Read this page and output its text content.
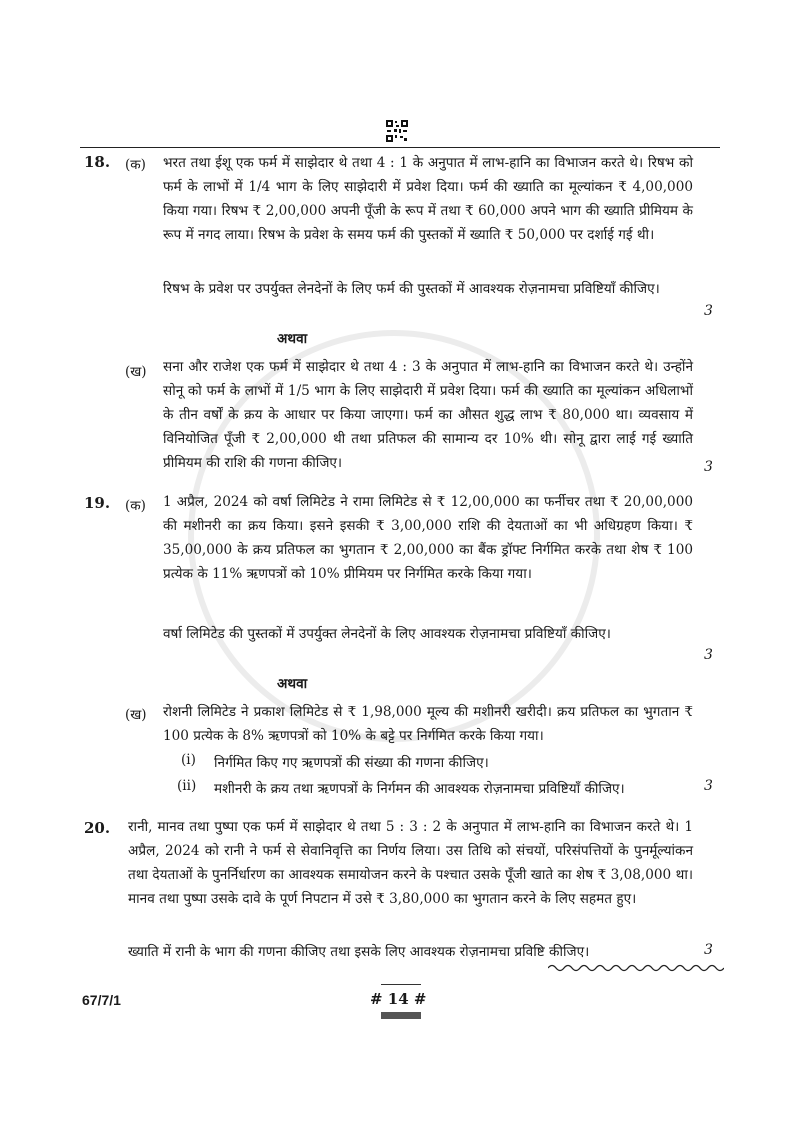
18. (क) भरत तथा ईशू एक फर्म में साझेदार थे तथा 4 : 1 के अनुपात में लाभ-हानि का विभाजन करते थे। रिषभ को फर्म के लाभों में 1/4 भाग के लिए साझेदारी में प्रवेश दिया। फर्म की ख्याति का मूल्यांकन ₹ 4,00,000 किया गया। रिषभ ₹ 2,00,000 अपनी पूँजी के रूप में तथा ₹ 60,000 अपने भाग की ख्याति प्रीमियम के रूप में नगद लाया। रिषभ के प्रवेश के समय फर्म की पुस्तकों में ख्याति ₹ 50,000 पर दर्शाई गई थी।
रिषभ के प्रवेश पर उपर्युक्त लेनदेनों के लिए फर्म की पुस्तकों में आवश्यक रोज़नामचा प्रविष्टियाँ कीजिए।
3
अथवा
(ख) सना और राजेश एक फर्म में साझेदार थे तथा 4 : 3 के अनुपात में लाभ-हानि का विभाजन करते थे। उन्होंने सोनू को फर्म के लाभों में 1/5 भाग के लिए साझेदारी में प्रवेश दिया। फर्म की ख्याति का मूल्यांकन अधिलाभों के तीन वर्षों के क्रय के आधार पर किया जाएगा। फर्म का औसत शुद्ध लाभ ₹ 80,000 था। व्यवसाय में विनियोजित पूँजी ₹ 2,00,000 थी तथा प्रतिफल की सामान्य दर 10% थी। सोनू द्वारा लाई गई ख्याति प्रीमियम की राशि की गणना कीजिए।	3
19. (क) 1 अप्रैल, 2024 को वर्षा लिमिटेड ने रामा लिमिटेड से ₹ 12,00,000 का फर्नीचर तथा ₹ 20,00,000 की मशीनरी का क्रय किया। इसने इसकी ₹ 3,00,000 राशि की देयताओं का भी अधिग्रहण किया। ₹ 35,00,000 के क्रय प्रतिफल का भुगतान ₹ 2,00,000 का बैंक ड्रॉफ्ट निर्गमित करके तथा शेष ₹ 100 प्रत्येक के 11% ऋणपत्रों को 10% प्रीमियम पर निर्गमित करके किया गया।
वर्षा लिमिटेड की पुस्तकों में उपर्युक्त लेनदेनों के लिए आवश्यक रोज़नामचा प्रविष्टियाँ कीजिए।
3
अथवा
(ख) रोशनी लिमिटेड ने प्रकाश लिमिटेड से ₹ 1,98,000 मूल्य की मशीनरी खरीदी। क्रय प्रतिफल का भुगतान ₹ 100 प्रत्येक के 8% ऋणपत्रों को 10% के बट्टे पर निर्गमित करके किया गया।
(i) निर्गमित किए गए ऋणपत्रों की संख्या की गणना कीजिए।
(ii) मशीनरी के क्रय तथा ऋणपत्रों के निर्गमन की आवश्यक रोज़नामचा प्रविष्टियाँ कीजिए।	3
20. रानी, मानव तथा पुष्पा एक फर्म में साझेदार थे तथा 5 : 3 : 2 के अनुपात में लाभ-हानि का विभाजन करते थे। 1 अप्रैल, 2024 को रानी ने फर्म से सेवानिवृत्ति का निर्णय लिया। उस तिथि को संचयों, परिसंपत्तियों के पुनर्मूल्यांकन तथा देयताओं के पुनर्निर्धारण का आवश्यक समायोजन करने के पश्चात उसके पूँजी खाते का शेष ₹ 3,08,000 था। मानव तथा पुष्पा उसके दावे के पूर्ण निपटान में उसे ₹ 3,80,000 का भुगतान करने के लिए सहमत हुए।
ख्याति में रानी के भाग की गणना कीजिए तथा इसके लिए आवश्यक रोज़नामचा प्रविष्टि कीजिए।	3
67/7/1	# 14 #
